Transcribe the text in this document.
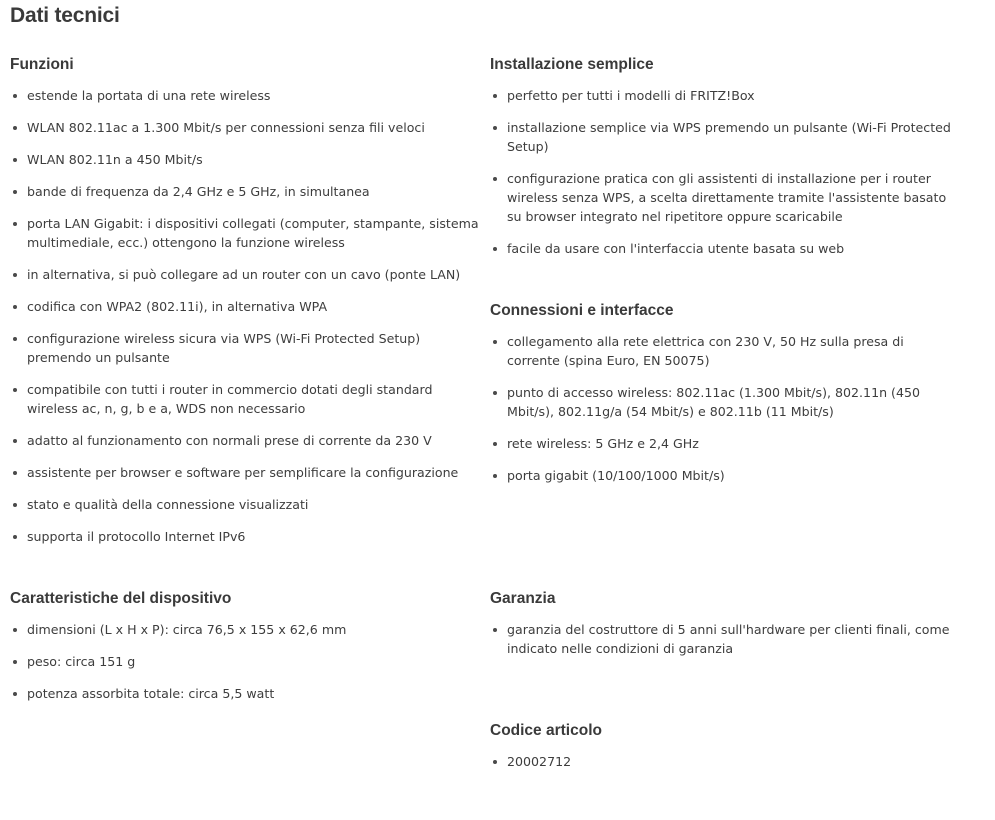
Dati tecnici
Funzioni
estende la portata di una rete wireless
WLAN 802.11ac a 1.300 Mbit/s per connessioni senza fili veloci
WLAN 802.11n a 450 Mbit/s
bande di frequenza da 2,4 GHz e 5 GHz, in simultanea
porta LAN Gigabit: i dispositivi collegati (computer, stampante, sistema multimediale, ecc.) ottengono la funzione wireless
in alternativa, si può collegare ad un router con un cavo (ponte LAN)
codifica con WPA2 (802.11i), in alternativa WPA
configurazione wireless sicura via WPS (Wi-Fi Protected Setup) premendo un pulsante
compatibile con tutti i router in commercio dotati degli standard wireless ac, n, g, b e a, WDS non necessario
adatto al funzionamento con normali prese di corrente da 230 V
assistente per browser e software per semplificare la configurazione
stato e qualità della connessione visualizzati
supporta il protocollo Internet IPv6
Installazione semplice
perfetto per tutti i modelli di FRITZ!Box
installazione semplice via WPS premendo un pulsante (Wi-Fi Protected Setup)
configurazione pratica con gli assistenti di installazione per i router wireless senza WPS, a scelta direttamente tramite l'assistente basato su browser integrato nel ripetitore oppure scaricabile
facile da usare con l'interfaccia utente basata su web
Connessioni e interfacce
collegamento alla rete elettrica con 230 V, 50 Hz sulla presa di corrente (spina Euro, EN 50075)
punto di accesso wireless: 802.11ac (1.300 Mbit/s), 802.11n (450 Mbit/s), 802.11g/a (54 Mbit/s) e 802.11b (11 Mbit/s)
rete wireless: 5 GHz e 2,4 GHz
porta gigabit (10/100/1000 Mbit/s)
Caratteristiche del dispositivo
dimensioni (L x H x P): circa 76,5 x 155 x 62,6 mm
peso: circa 151 g
potenza assorbita totale: circa 5,5 watt
Garanzia
garanzia del costruttore di 5 anni sull'hardware per clienti finali, come indicato nelle condizioni di garanzia
Codice articolo
20002712
